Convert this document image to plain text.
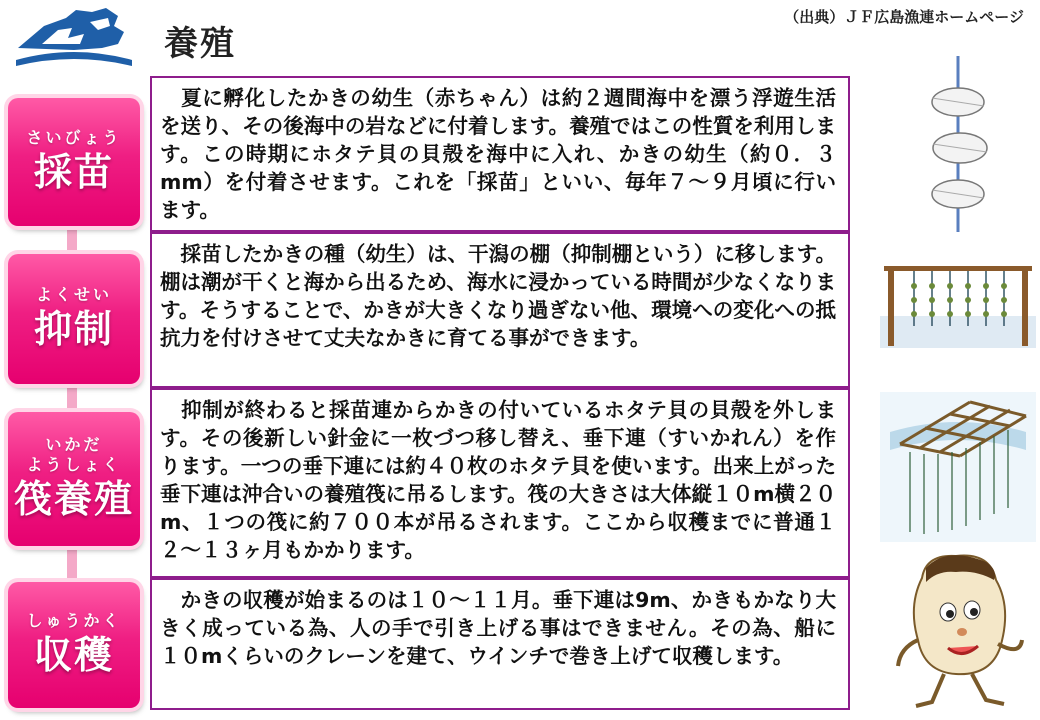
養殖
（出典）ＪＦ広島漁連ホームページ
さいびょう
採苗

　夏に孵化したかきの幼生（赤ちゃん）は約２週間海中を漂う浮遊生活を送り、その後海中の岩などに付着します。養殖ではこの性質を利用します。この時期にホタテ貝の貝殻を海中に入れ、かきの幼生（約０．３mm）を付着させます。これを「採苗」といい、毎年７〜９月頃に行います。

よくせい
抑制

　採苗したかきの種（幼生）は、干潟の棚（抑制棚という）に移します。棚は潮が干くと海から出るため、海水に浸かっている時間が少なくなります。そうすることで、かきが大きくなり過ぎない他、環境への変化への抵抗力を付けさせて丈夫なかきに育てる事ができます。

いかだ
ようしょく
筏養殖

　抑制が終わると採苗連からかきの付いているホタテ貝の貝殻を外します。その後新しい針金に一枚づつ移し替え、垂下連（すいかれん）を作ります。一つの垂下連には約４０枚のホタテ貝を使います。出来上がった垂下連は沖合いの養殖筏に吊るします。筏の大きさは大体縦１０m横２０m、１つの筏に約７００本が吊るされます。ここから収穫までに普通１２〜１３ヶ月もかかります。

しゅうかく
収穫

　かきの収穫が始まるのは１０〜１１月。垂下連は9m、かきもかなり大きく成っている為、人の手で引き上げる事はできません。その為、船に１０mくらいのクレーンを建て、ウインチで巻き上げて収穫します。
